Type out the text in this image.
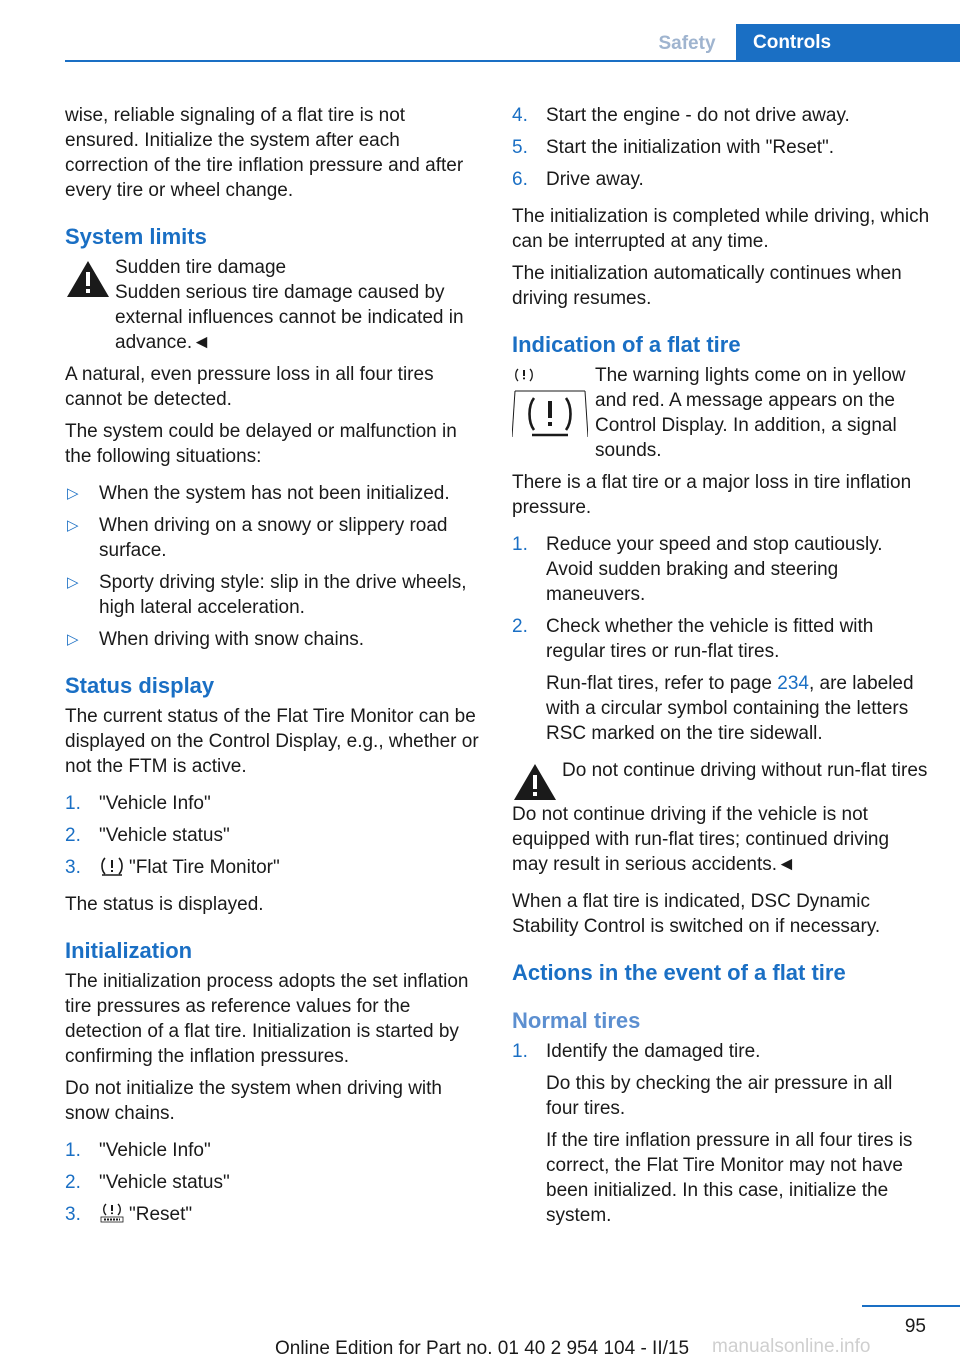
Safety	Controls

wise, reliable signaling of a flat tire is not ensured. Initialize the system after each correction of the tire inflation pressure and after every tire or wheel change.

System limits
Sudden tire damage

Sudden serious tire damage caused by external influences cannot be indicated in advance.◄

A natural, even pressure loss in all four tires cannot be detected.

The system could be delayed or malfunction in the following situations:

▷ When the system has not been initialized.
▷ When driving on a snowy or slippery road surface.
▷ Sporty driving style: slip in the drive wheels, high lateral acceleration.
▷ When driving with snow chains.
Status display

The current status of the Flat Tire Monitor can be displayed on the Control Display, e.g., whether or not the FTM is active.

1. "Vehicle Info"
2. "Vehicle status"
3.	"Flat Tire Monitor"

The status is displayed.

Initialization

The initialization process adopts the set inflation tire pressures as reference values for the detection of a flat tire. Initialization is started by confirming the inflation pressures.

Do not initialize the system when driving with snow chains.

1. "Vehicle Info"
2. "Vehicle status"
3.	"Reset"
4. Start the engine - do not drive away.
5. Start the initialization with "Reset".
6. Drive away.

The initialization is completed while driving, which can be interrupted at any time.

The initialization automatically continues when driving resumes.

Indication of a flat tire

The warning lights come on in yellow and red. A message appears on the Control Display. In addition, a signal sounds.

There is a flat tire or a major loss in tire inflation pressure.

1. Reduce your speed and stop cautiously. Avoid sudden braking and steering maneuvers.
2. Check whether the vehicle is fitted with regular tires or run-flat tires.
Run-flat tires, refer to page 234, are labeled with a circular symbol containing the letters RSC marked on the tire sidewall.
Do not continue driving without run-flat tires

Do not continue driving if the vehicle is not equipped with run-flat tires; continued driving may result in serious accidents.◄

When a flat tire is indicated, DSC Dynamic Stability Control is switched on if necessary.

Actions in the event of a flat tire
Normal tires
1. Identify the damaged tire.
Do this by checking the air pressure in all four tires.
If the tire inflation pressure in all four tires is correct, the Flat Tire Monitor may not have been initialized. In this case, initialize the system.
95
Online Edition for Part no. 01 40 2 954 104 - II/15	manualsonline.info
